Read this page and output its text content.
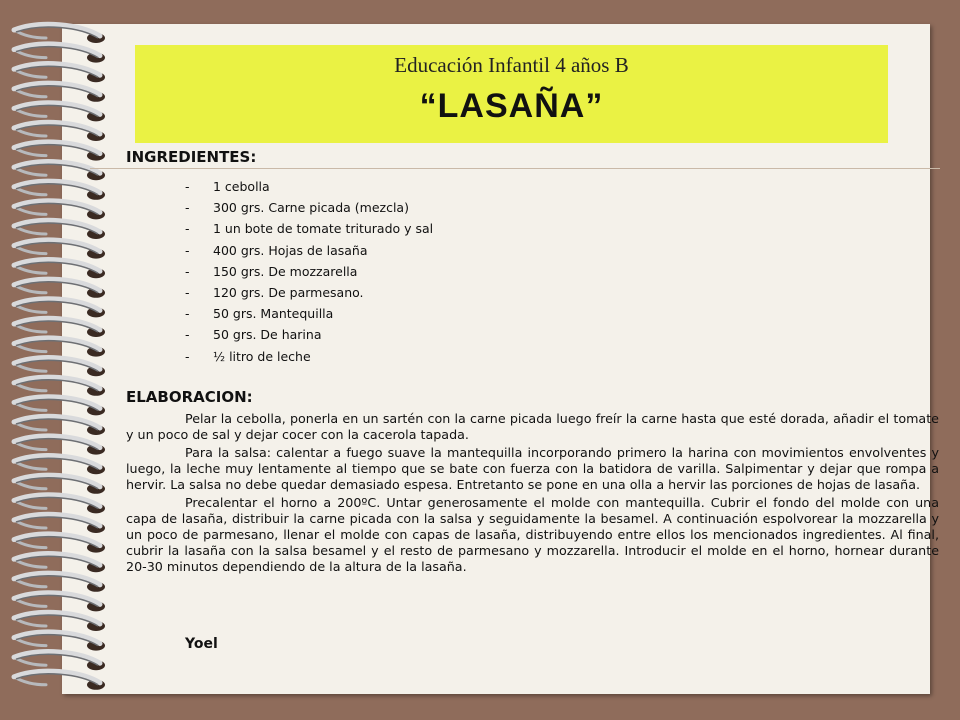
Educación Infantil 4 años B
“LASAÑA”
INGREDIENTES:
- 1 cebolla
- 300 grs. Carne picada (mezcla)
- 1 un bote de tomate triturado y sal
- 400 grs. Hojas de lasaña
- 150 grs. De mozzarella
- 120 grs. De parmesano.
- 50 grs. Mantequilla
- 50 grs. De harina
- ½ litro de leche
ELABORACION:

Pelar la cebolla, ponerla en un sartén con la carne picada luego freír la carne hasta que esté dorada, añadir el tomate y un poco de sal y dejar cocer con la cacerola tapada.

Para la salsa: calentar a fuego suave la mantequilla incorporando primero la harina con movimientos envolventes y luego, la leche muy lentamente al tiempo que se bate con fuerza con la batidora de varilla. Salpimentar y dejar que rompa a hervir. La salsa no debe quedar demasiado espesa. Entretanto se pone en una olla a hervir las porciones de hojas de lasaña.

Precalentar el horno a 200ºC. Untar generosamente el molde con mantequilla. Cubrir el fondo del molde con una capa de lasaña, distribuir la carne picada con la salsa y seguidamente la besamel. A continuación espolvorear la mozzarella y un poco de parmesano, llenar el molde con capas de lasaña, distribuyendo entre ellos los mencionados ingredientes. Al final, cubrir la lasaña con la salsa besamel y el resto de parmesano y mozzarella. Introducir el molde en el horno, hornear durante 20-30 minutos dependiendo de la altura de la lasaña.

Yoel
